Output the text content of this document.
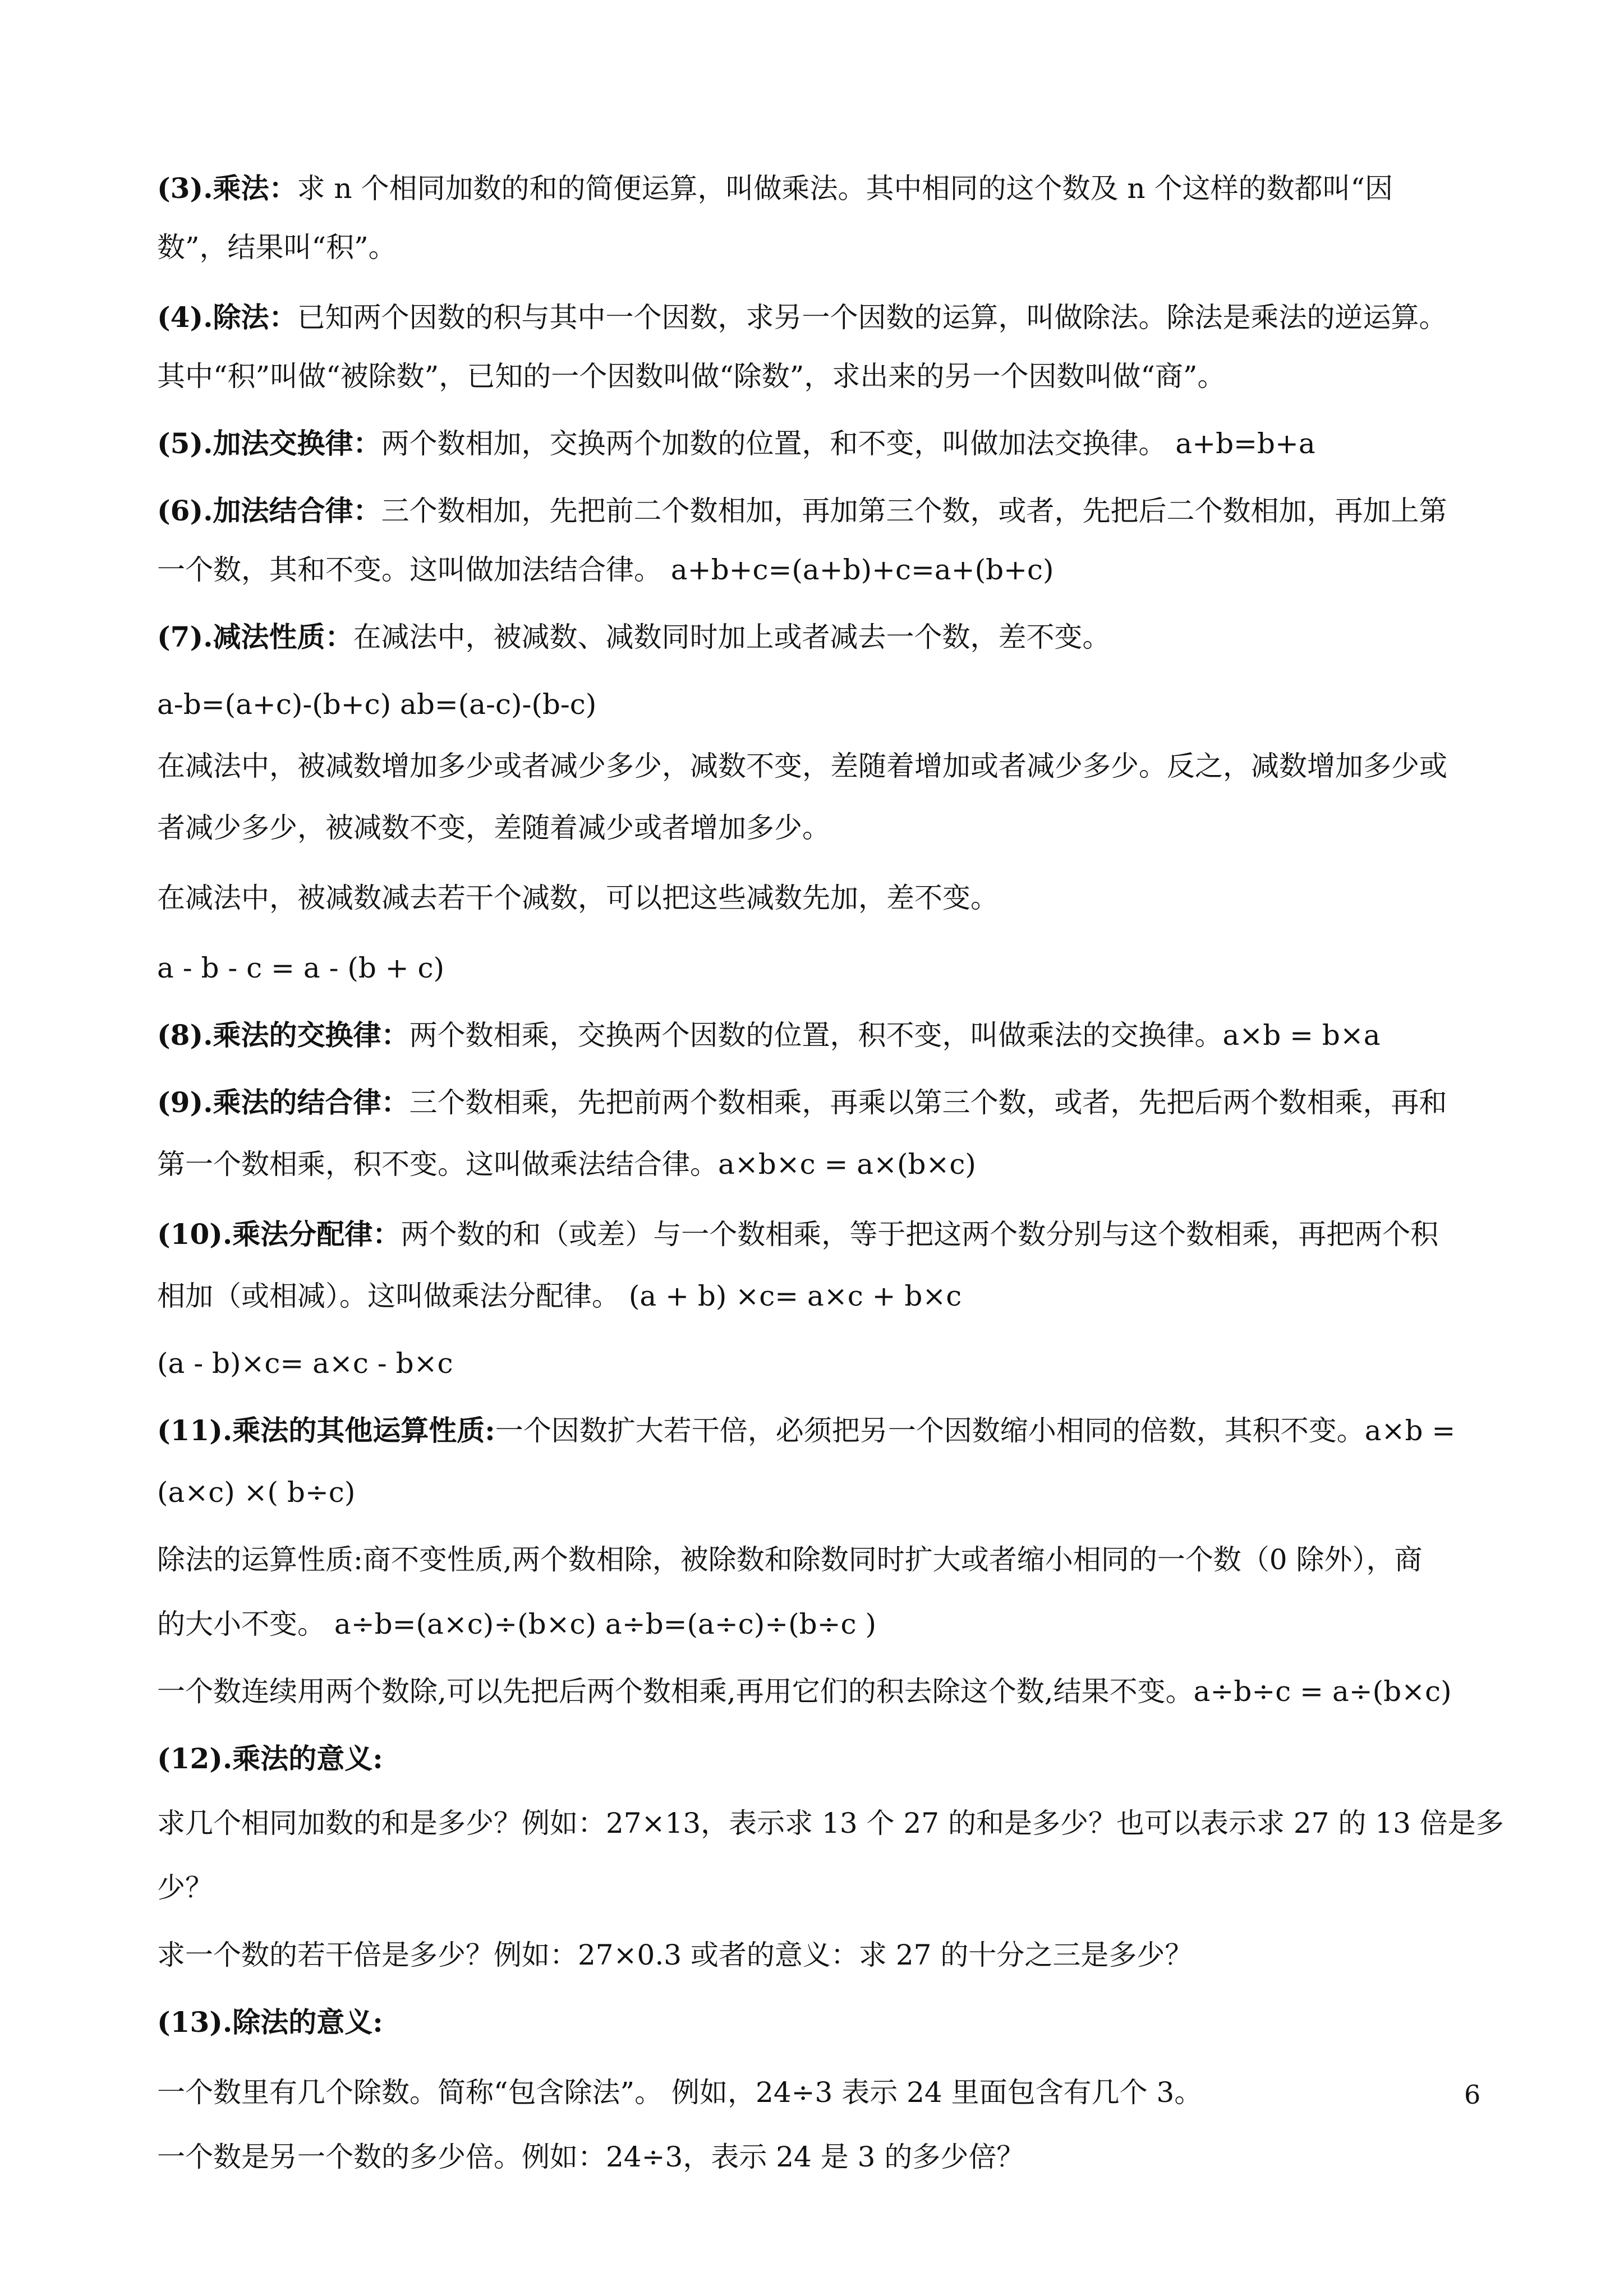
(3).乘法：求 n 个相同加数的和的简便运算，叫做乘法。其中相同的这个数及 n 个这样的数都叫“因

数”，结果叫“积”。

(4).除法：已知两个因数的积与其中一个因数，求另一个因数的运算，叫做除法。除法是乘法的逆运算。

其中“积”叫做“被除数”，已知的一个因数叫做“除数”，求出来的另一个因数叫做“商”。

(5).加法交换律：两个数相加，交换两个加数的位置，和不变，叫做加法交换律。 a+b=b+a

(6).加法结合律：三个数相加，先把前二个数相加，再加第三个数，或者，先把后二个数相加，再加上第

一个数，其和不变。这叫做加法结合律。 a+b+c=(a+b)+c=a+(b+c)

(7).减法性质：在减法中，被减数、减数同时加上或者减去一个数，差不变。

a-b=(a+c)-(b+c) ab=(a-c)-(b-c)

在减法中，被减数增加多少或者减少多少，减数不变，差随着增加或者减少多少。反之，减数增加多少或

者减少多少，被减数不变，差随着减少或者增加多少。

在减法中，被减数减去若干个减数，可以把这些减数先加，差不变。

a - b - c = a - (b + c)

(8).乘法的交换律：两个数相乘，交换两个因数的位置，积不变，叫做乘法的交换律。a×b = b×a

(9).乘法的结合律：三个数相乘，先把前两个数相乘，再乘以第三个数，或者，先把后两个数相乘，再和

第一个数相乘，积不变。这叫做乘法结合律。a×b×c = a×(b×c)

(10).乘法分配律：两个数的和（或差）与一个数相乘，等于把这两个数分别与这个数相乘，再把两个积

相加（或相减）。这叫做乘法分配律。 (a + b) ×c= a×c + b×c

(a - b)×c= a×c - b×c

(11).乘法的其他运算性质:一个因数扩大若干倍，必须把另一个因数缩小相同的倍数，其积不变。a×b =

(a×c) ×( b÷c)

除法的运算性质:商不变性质,两个数相除，被除数和除数同时扩大或者缩小相同的一个数（0 除外），商

的大小不变。 a÷b=(a×c)÷(b×c) a÷b=(a÷c)÷(b÷c )

一个数连续用两个数除,可以先把后两个数相乘,再用它们的积去除这个数,结果不变。a÷b÷c = a÷(b×c)

(12).乘法的意义:

求几个相同加数的和是多少？例如：27×13，表示求 13 个 27 的和是多少？也可以表示求 27 的 13 倍是多

少？

求一个数的若干倍是多少？例如：27×0.3 或者的意义：求 27 的十分之三是多少？

(13).除法的意义:

一个数里有几个除数。简称“包含除法”。 例如，24÷3 表示 24 里面包含有几个 3。

一个数是另一个数的多少倍。例如：24÷3，表示 24 是 3 的多少倍？

6
